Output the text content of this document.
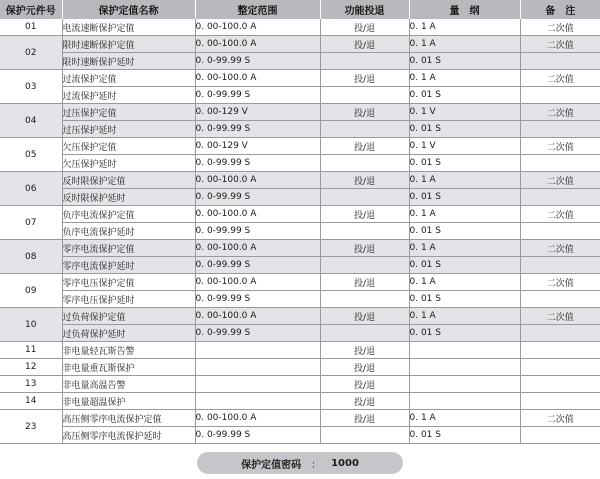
保护元件号	保护定值名称	整定范围	功能投退	量　纲	备　注
01	电流速断保护定值	0. 00-100.0 A	投/退	0. 1 A	二次值
02	限时速断保护定值	0. 00-100.0 A	投/退	0. 1 A	二次值
	限时速断保护延时	0. 0-99.99 S		0. 01 S	
03	过流保护定值	0. 00-100.0 A	投/退	0. 1 A	二次值
	过流保护延时	0. 0-99.99 S		0. 01 S	
04	过压保护定值	0. 00-129 V	投/退	0. 1 V	二次值
	过压保护延时	0. 0-99.99 S		0. 01 S	
05	欠压保护定值	0. 00-129 V	投/退	0. 1 V	二次值
	欠压保护延时	0. 0-99.99 S		0. 01 S	
06	反时限保护定值	0. 00-100.0 A	投/退	0. 1 A	二次值
	反时限保护延时	0. 0-99.99 S		0. 01 S	
07	负序电流保护定值	0. 00-100.0 A	投/退	0. 1 A	二次值
	负序电流保护延时	0. 0-99.99 S		0. 01 S	
08	零序电流保护定值	0. 00-100.0 A	投/退	0. 1 A	二次值
	零序电流保护延时	0. 0-99.99 S		0. 01 S	
09	零序电压保护定值	0. 00-100.0 A	投/退	0. 1 A	二次值
	零序电压保护延时	0. 0-99.99 S		0. 01 S	
10	过负荷保护定值	0. 00-100.0 A	投/退	0. 1 A	二次值
	过负荷保护延时	0. 0-99.99 S		0. 01 S	
11	非电量轻瓦斯告警		投/退		
12	非电量重瓦斯保护		投/退		
13	非电量高温告警		投/退		
14	非电量超温保护		投/退		
23	高压侧零序电流保护定值	0. 00-100.0 A	投/退	0. 1 A	二次值
	高压侧零序电流保护延时	0. 0-99.99 S		0. 01 S	
保护定值密码 ： 1000
